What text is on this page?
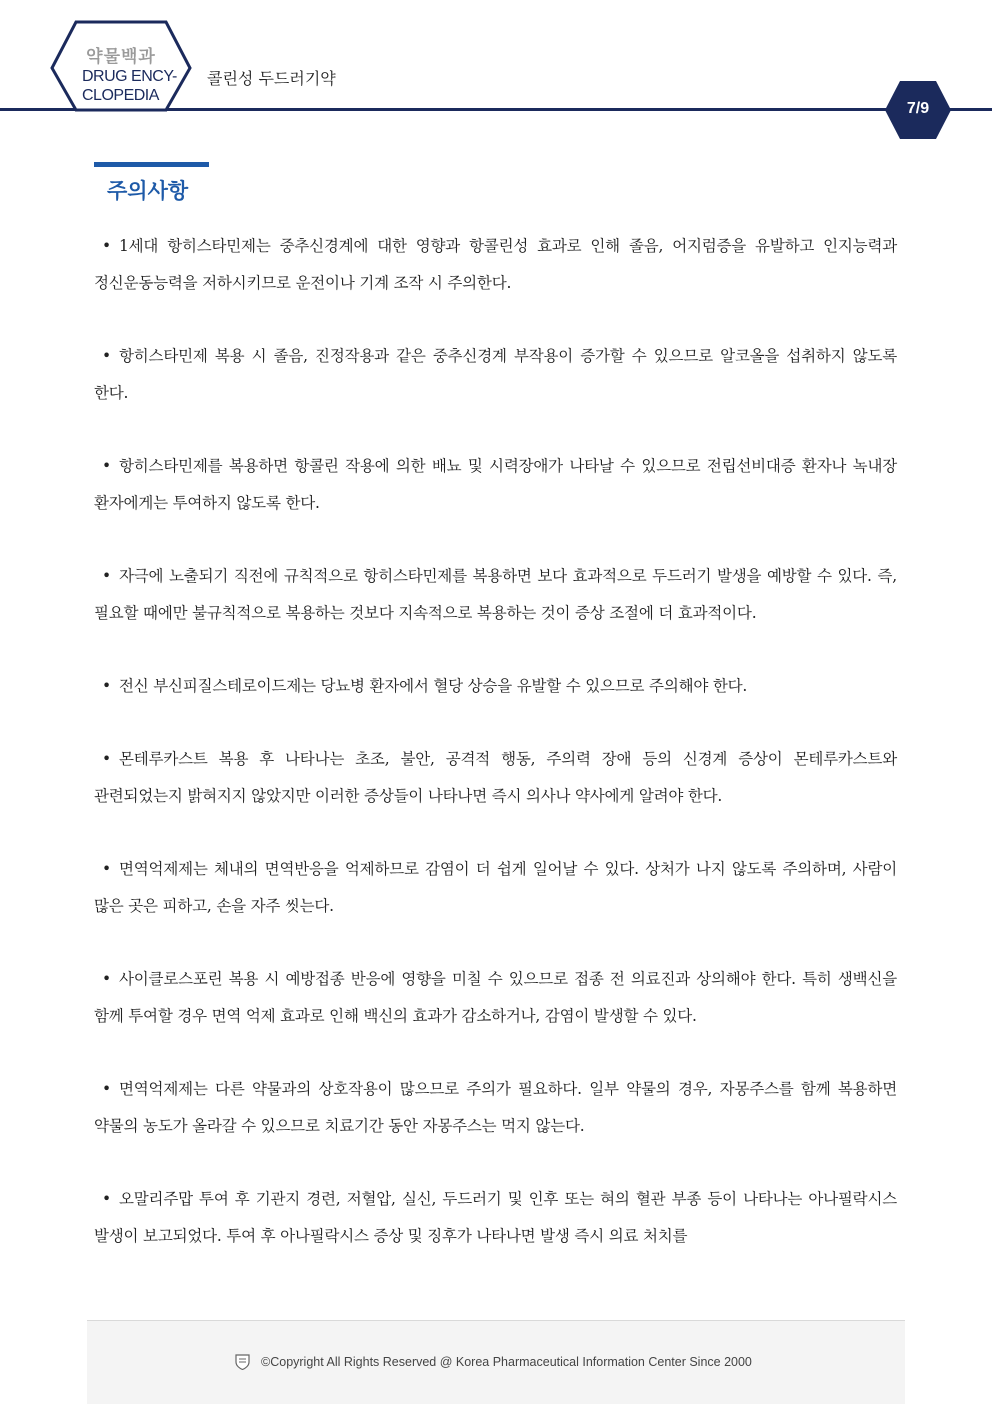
약물백과
DRUG ENCY-
CLOPEDIA
콜린성 두드러기약
7/9
주의사항

• 1세대 항히스타민제는 중추신경계에 대한 영향과 항콜린성 효과로 인해 졸음, 어지럼증을 유발하고 인지능력과 정신운동능력을 저하시키므로 운전이나 기계 조작 시 주의한다.

• 항히스타민제 복용 시 졸음, 진정작용과 같은 중추신경계 부작용이 증가할 수 있으므로 알코올을 섭취하지 않도록 한다.

• 항히스타민제를 복용하면 항콜린 작용에 의한 배뇨 및 시력장애가 나타날 수 있으므로 전립선비대증 환자나 녹내장 환자에게는 투여하지 않도록 한다.

• 자극에 노출되기 직전에 규칙적으로 항히스타민제를 복용하면 보다 효과적으로 두드러기 발생을 예방할 수 있다. 즉, 필요할 때에만 불규칙적으로 복용하는 것보다 지속적으로 복용하는 것이 증상 조절에 더 효과적이다.

• 전신 부신피질스테로이드제는 당뇨병 환자에서 혈당 상승을 유발할 수 있으므로 주의해야 한다.

• 몬테루카스트 복용 후 나타나는 초조, 불안, 공격적 행동, 주의력 장애 등의 신경계 증상이 몬테루카스트와 관련되었는지 밝혀지지 않았지만 이러한 증상들이 나타나면 즉시 의사나 약사에게 알려야 한다.

• 면역억제제는 체내의 면역반응을 억제하므로 감염이 더 쉽게 일어날 수 있다. 상처가 나지 않도록 주의하며, 사람이 많은 곳은 피하고, 손을 자주 씻는다.

• 사이클로스포린 복용 시 예방접종 반응에 영향을 미칠 수 있으므로 접종 전 의료진과 상의해야 한다. 특히 생백신을 함께 투여할 경우 면역 억제 효과로 인해 백신의 효과가 감소하거나, 감염이 발생할 수 있다.

• 면역억제제는 다른 약물과의 상호작용이 많으므로 주의가 필요하다. 일부 약물의 경우, 자몽주스를 함께 복용하면 약물의 농도가 올라갈 수 있으므로 치료기간 동안 자몽주스는 먹지 않는다.

• 오말리주맙 투여 후 기관지 경련, 저혈압, 실신, 두드러기 및 인후 또는 혀의 혈관 부종 등이 나타나는 아나필락시스 발생이 보고되었다. 투여 후 아나필락시스 증상 및 징후가 나타나면 발생 즉시 의료 처치를

©Copyright All Rights Reserved @ Korea Pharmaceutical Information Center Since 2000
